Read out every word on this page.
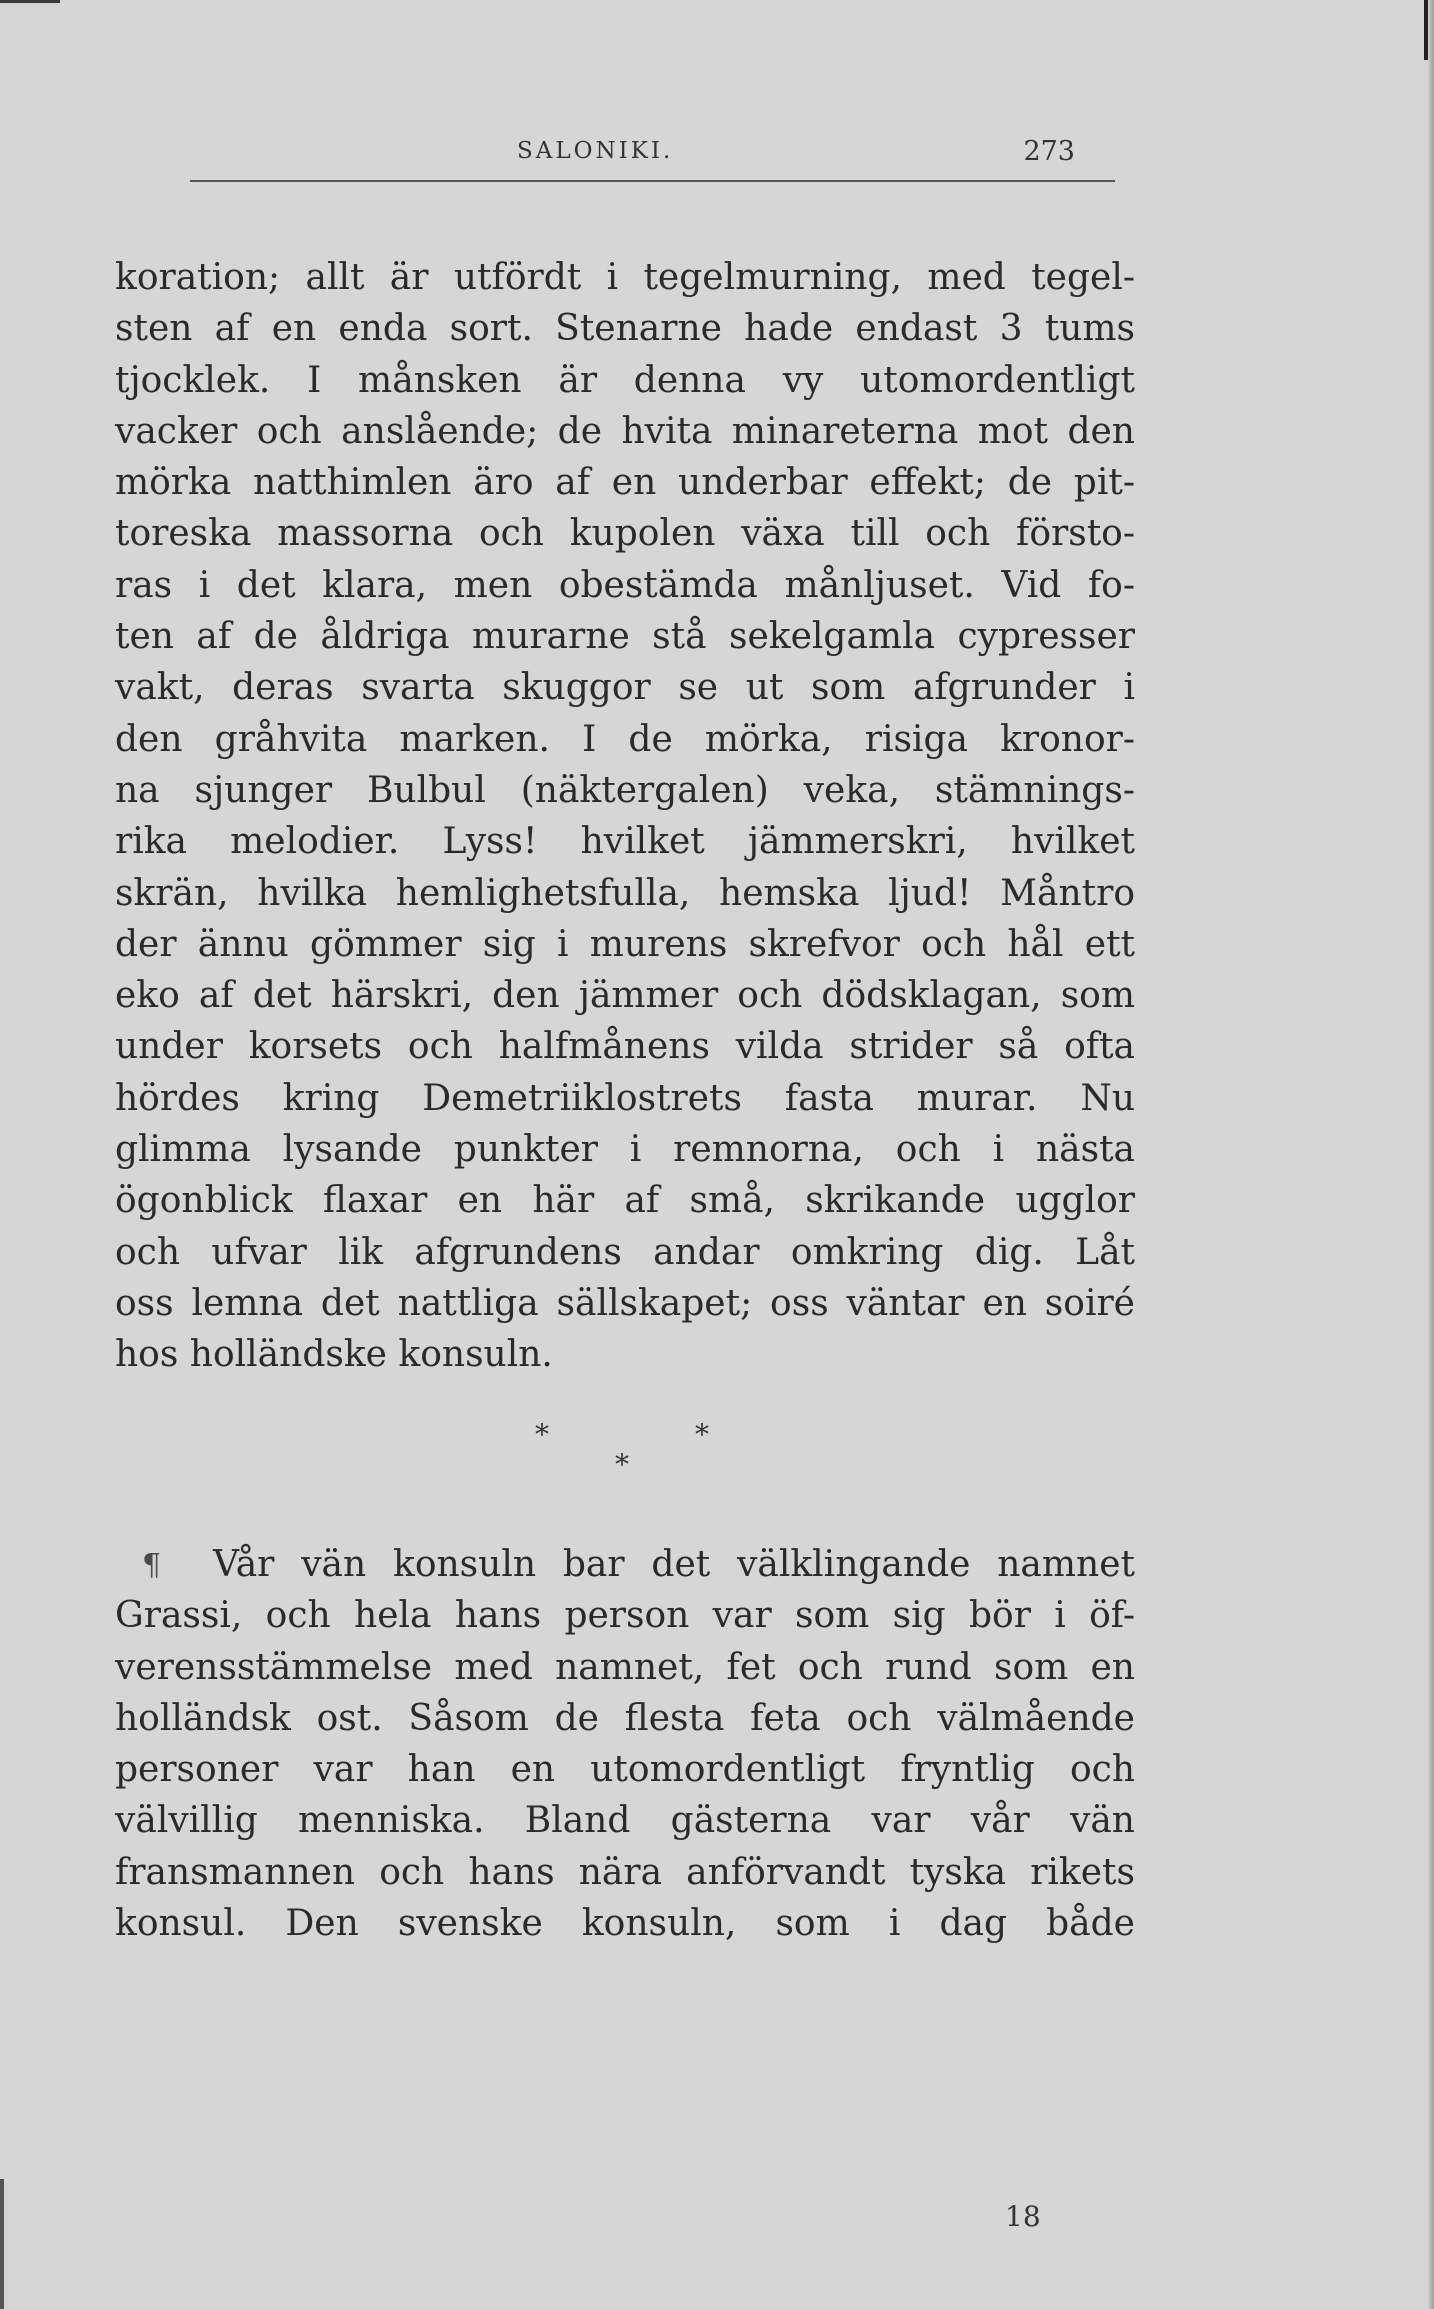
SALONIKI.	273
koration; allt är utfördt i tegelmurning, med tegel-
sten af en enda sort. Stenarne hade endast 3 tums
tjocklek. I månsken är denna vy utomordentligt
vacker och anslående; de hvita minareterna mot den
mörka natthimlen äro af en underbar effekt; de pit-
toreska massorna och kupolen växa till och försto-
ras i det klara, men obestämda månljuset. Vid fo-
ten af de åldriga murarne stå sekelgamla cypresser
vakt, deras svarta skuggor se ut som afgrunder i
den gråhvita marken. I de mörka, risiga kronor-
na sjunger Bulbul (näktergalen) veka, stämnings-
rika melodier. Lyss! hvilket jämmerskri, hvilket
skrän, hvilka hemlighetsfulla, hemska ljud! Måntro
der ännu gömmer sig i murens skrefvor och hål ett
eko af det härskri, den jämmer och dödsklagan, som
under korsets och halfmånens vilda strider så ofta
hördes kring Demetriiklostrets fasta murar. Nu
glimma lysande punkter i remnorna, och i nästa
ögonblick flaxar en här af små, skrikande ugglor
och ufvar lik afgrundens andar omkring dig. Låt
oss lemna det nattliga sällskapet; oss väntar en soiré
hos holländske konsuln.
*	*
*
¶	Vår vän konsuln bar det välklingande namnet
Grassi, och hela hans person var som sig bör i öf-
verensstämmelse med namnet, fet och rund som en
holländsk ost. Såsom de flesta feta och välmående
personer var han en utomordentligt fryntlig och
välvillig menniska. Bland gästerna var vår vän
fransmannen och hans nära anförvandt tyska rikets
konsul. Den svenske konsuln, som i dag både
18
